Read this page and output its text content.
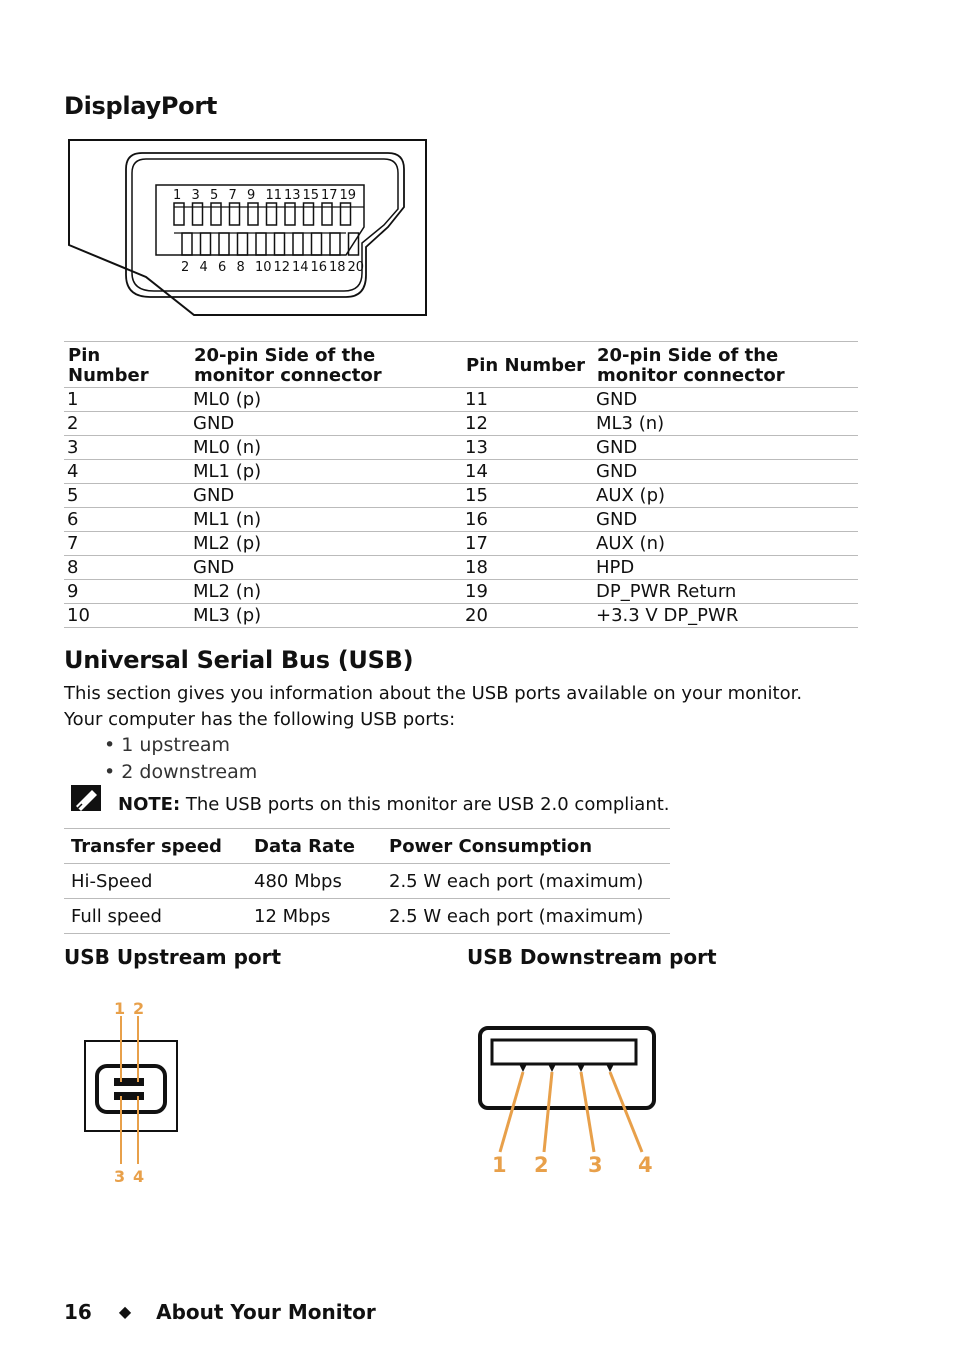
DisplayPort
1 3 5 7 9 11 13 15 17 19
2 4 6 8 10 12 14 16 18 20
Pin Number	20-pin Side of the monitor connector	Pin Number	20-pin Side of the monitor connector
1	ML0 (p)	11	GND
2	GND	12	ML3 (n)
3	ML0 (n)	13	GND
4	ML1 (p)	14	GND
5	GND	15	AUX (p)
6	ML1 (n)	16	GND
7	ML2 (p)	17	AUX (n)
8	GND	18	HPD
9	ML2 (n)	19	DP_PWR Return
10	ML3 (p)	20	+3.3 V DP_PWR
Universal Serial Bus (USB)
This section gives you information about the USB ports available on your monitor.
Your computer has the following USB ports:
• 1 upstream
• 2 downstream
NOTE: The USB ports on this monitor are USB 2.0 compliant.
Transfer speed	Data Rate	Power Consumption
Hi-Speed	480 Mbps	2.5 W each port (maximum)
Full speed	12 Mbps	2.5 W each port (maximum)
USB Upstream port	USB Downstream port
1 2
3 4	1 2 3 4
16 ◆ About Your Monitor
